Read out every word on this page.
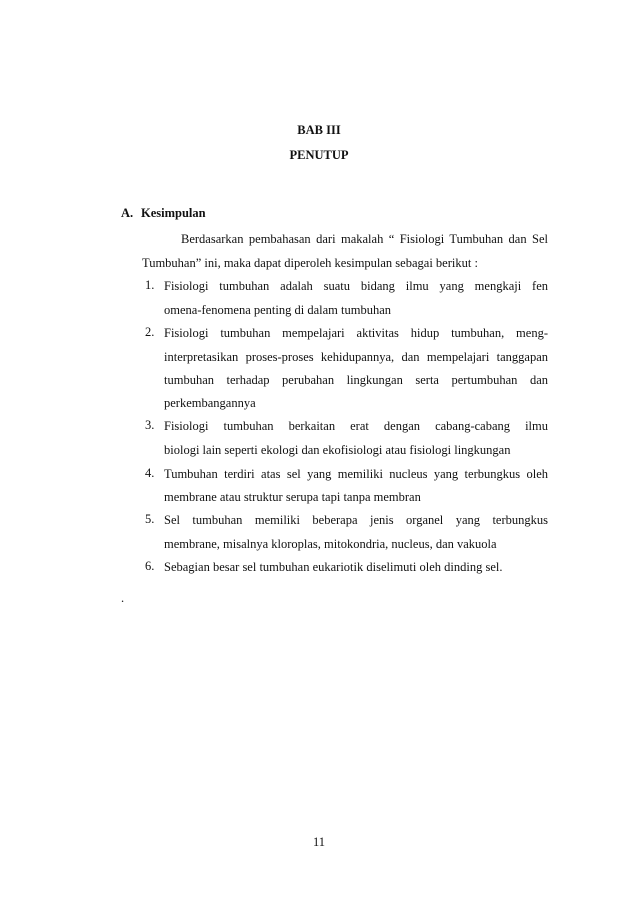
BAB III
PENUTUP
A. Kesimpulan
Berdasarkan pembahasan dari makalah “ Fisiologi Tumbuhan dan Sel
Tumbuhan” ini, maka dapat diperoleh kesimpulan sebagai berikut :
1. Fisiologi tumbuhan adalah suatu bidang ilmu yang mengkaji fen
omena-fenomena penting di dalam tumbuhan
2. Fisiologi tumbuhan mempelajari aktivitas hidup tumbuhan, meng-
interpretasikan proses-proses kehidupannya, dan mempelajari tanggapan
tumbuhan terhadap perubahan lingkungan serta pertumbuhan dan
perkembangannya
3. Fisiologi tumbuhan berkaitan erat dengan cabang-cabang ilmu
biologi lain seperti ekologi dan ekofisiologi atau fisiologi lingkungan
4. Tumbuhan terdiri atas sel yang memiliki nucleus yang terbungkus oleh
membrane atau struktur serupa tapi tanpa membran
5. Sel tumbuhan memiliki beberapa jenis organel yang terbungkus
membrane, misalnya kloroplas, mitokondria, nucleus, dan vakuola
6. Sebagian besar sel tumbuhan eukariotik diselimuti oleh dinding sel.
.
11
